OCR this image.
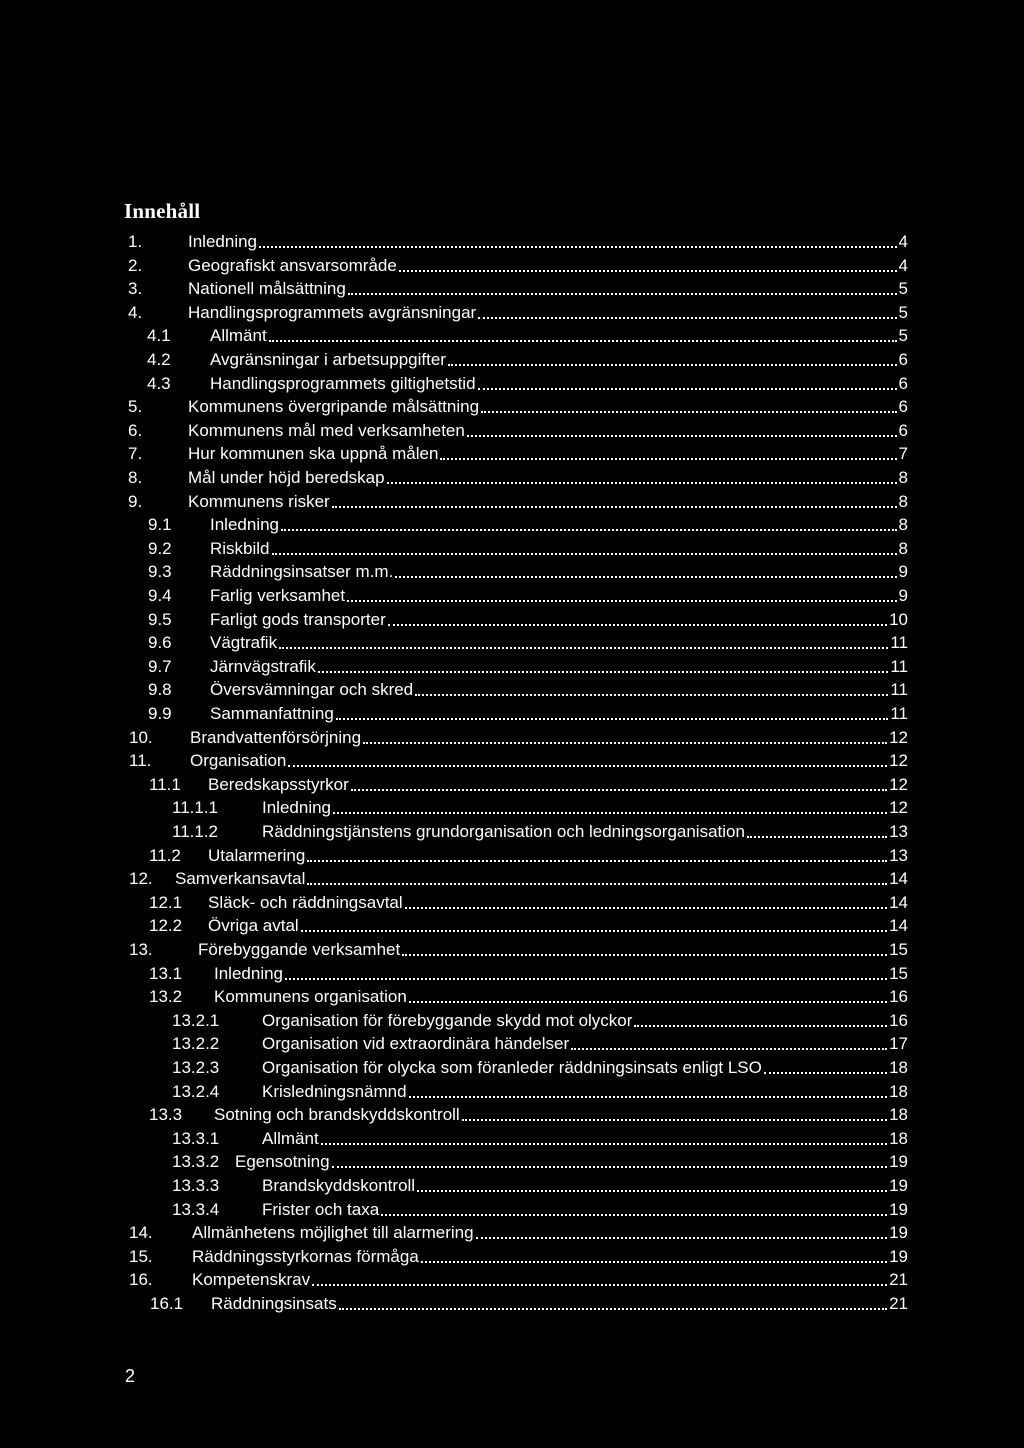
Innehåll
1.	Inledning	4
2.	Geografiskt ansvarsområde	4
3.	Nationell målsättning	5
4.	Handlingsprogrammets avgränsningar	5
4.1	Allmänt	5
4.2	Avgränsningar i arbetsuppgifter	6
4.3	Handlingsprogrammets giltighetstid	6
5.	Kommunens övergripande målsättning	6
6.	Kommunens mål med verksamheten	6
7.	Hur kommunen ska uppnå målen	7
8.	Mål under höjd beredskap	8
9.	Kommunens risker	8
9.1	Inledning	8
9.2	Riskbild	8
9.3	Räddningsinsatser m.m.	9
9.4	Farlig verksamhet	9
9.5	Farligt gods transporter	10
9.6	Vägtrafik	11
9.7	Järnvägstrafik	11
9.8	Översvämningar och skred	11
9.9	Sammanfattning	11
10.	Brandvattenförsörjning	12
11.	Organisation	12
11.1	Beredskapsstyrkor	12
11.1.1	Inledning	12
11.1.2	Räddningstjänstens grundorganisation och ledningsorganisation	13
11.2	Utalarmering	13
12.	Samverkansavtal	14
12.1	Släck- och räddningsavtal	14
12.2	Övriga avtal	14
13.	Förebyggande verksamhet	15
13.1	Inledning	15
13.2	Kommunens organisation	16
13.2.1	Organisation för förebyggande skydd mot olyckor	16
13.2.2	Organisation vid extraordinära händelser	17
13.2.3	Organisation för olycka som föranleder räddningsinsats enligt LSO	18
13.2.4	Krisledningsnämnd	18
13.3	Sotning och brandskyddskontroll	18
13.3.1	Allmänt	18
13.3.2 Egensotning	19
13.3.3	Brandskyddskontroll	19
13.3.4	Frister och taxa	19
14.	Allmänhetens möjlighet till alarmering	19
15.	Räddningsstyrkornas förmåga	19
16.	Kompetenskrav	21
16.1	Räddningsinsats	21
2
